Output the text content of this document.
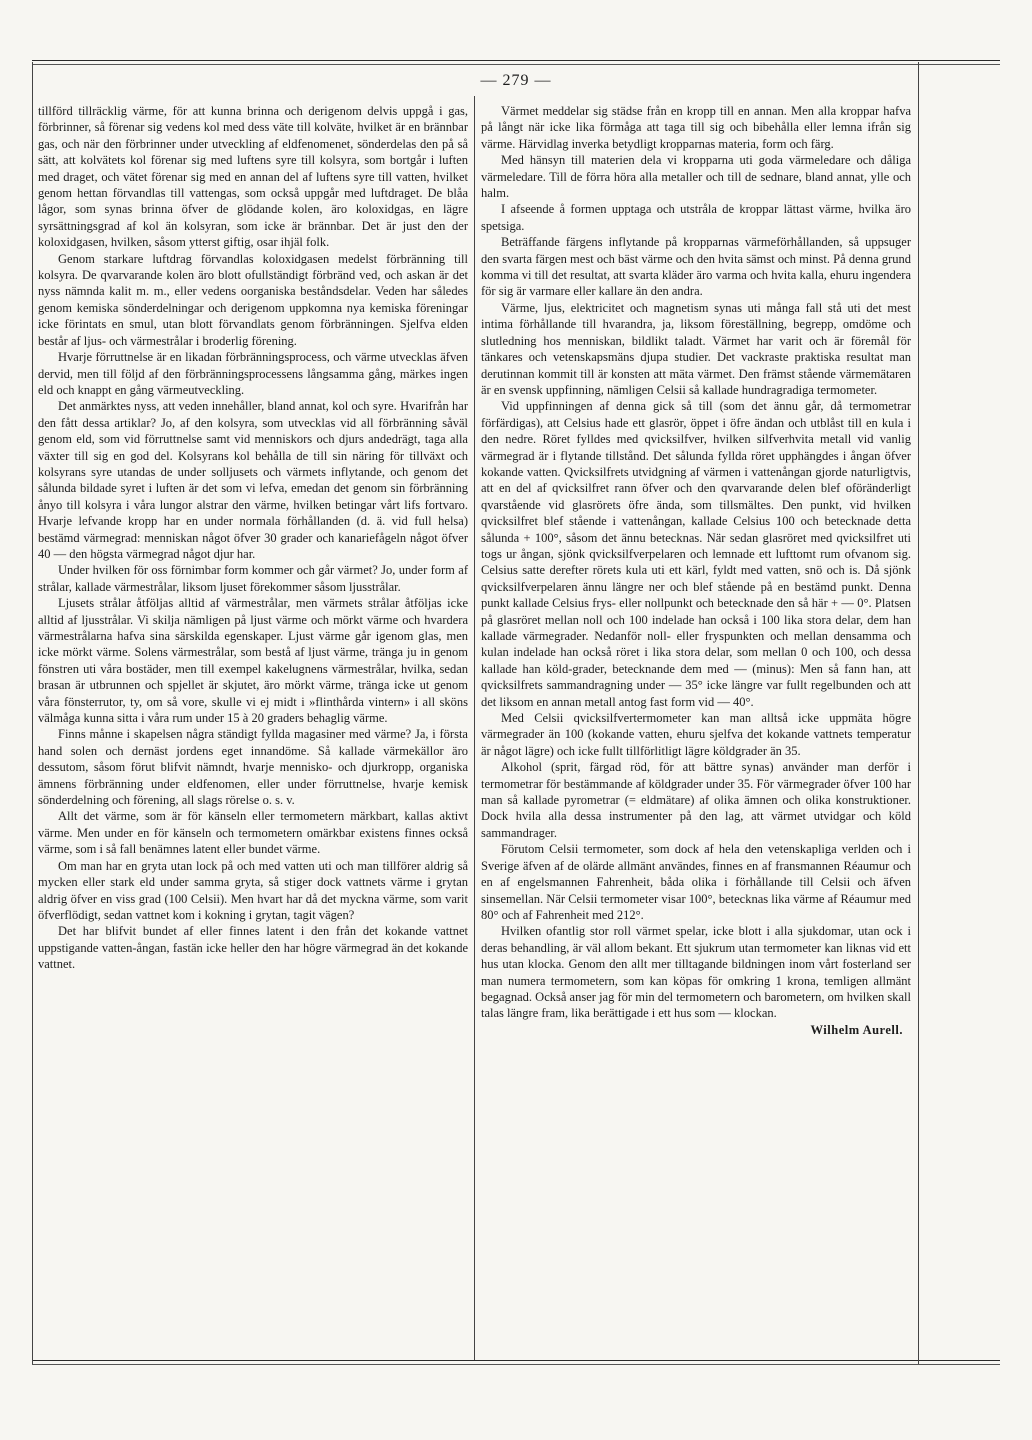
— 279 —

tillförd tillräcklig värme, för att kunna brinna och derigenom delvis uppgå i gas, förbrinner, så förenar sig vedens kol med dess väte till kolväte, hvilket är en brännbar gas, och när den förbrinner under utveckling af eldfenomenet, sönderdelas den på så sätt, att kolvätets kol förenar sig med luftens syre till kolsyra, som bortgår i luften med draget, och vätet förenar sig med en annan del af luftens syre till vatten, hvilket genom hettan förvandlas till vattengas, som också uppgår med luftdraget. De blåa lågor, som synas brinna öfver de glödande kolen, äro koloxidgas, en lägre syrsättningsgrad af kol än kolsyran, som icke är brännbar. Det är just den der koloxidgasen, hvilken, såsom ytterst giftig, osar ihjäl folk.

Genom starkare luftdrag förvandlas koloxidgasen medelst förbränning till kolsyra. De qvarvarande kolen äro blott ofullständigt förbränd ved, och askan är det nyss nämnda kalit m. m., eller vedens oorganiska beståndsdelar. Veden har således genom kemiska sönderdelningar och derigenom uppkomna nya kemiska föreningar icke förintats en smul, utan blott förvandlats genom förbränningen. Sjelfva elden består af ljus- och värmestrålar i broderlig förening.

Hvarje förruttnelse är en likadan förbränningsprocess, och värme utvecklas äfven dervid, men till följd af den förbränningsprocessens långsamma gång, märkes ingen eld och knappt en gång värmeutveckling.

Det anmärktes nyss, att veden innehåller, bland annat, kol och syre. Hvarifrån har den fått dessa artiklar? Jo, af den kolsyra, som utvecklas vid all förbränning såväl genom eld, som vid förruttnelse samt vid menniskors och djurs andedrägt, taga alla växter till sig en god del. Kolsyrans kol behålla de till sin näring för tillväxt och kolsyrans syre utandas de under solljusets och värmets inflytande, och genom det sålunda bildade syret i luften är det som vi lefva, emedan det genom sin förbränning ånyo till kolsyra i våra lungor alstrar den värme, hvilken betingar vårt lifs fortvaro. Hvarje lefvande kropp har en under normala förhållanden (d. ä. vid full helsa) bestämd värmegrad: menniskan något öfver 30 grader och kanariefågeln något öfver 40 — den högsta värmegrad något djur har.

Under hvilken för oss förnimbar form kommer och går värmet? Jo, under form af strålar, kallade värmestrålar, liksom ljuset förekommer såsom ljusstrålar.

Ljusets strålar åtföljas alltid af värmestrålar, men värmets strålar åtföljas icke alltid af ljusstrålar. Vi skilja nämligen på ljust värme och mörkt värme och hvardera värmestrålarna hafva sina särskilda egenskaper. Ljust värme går igenom glas, men icke mörkt värme. Solens värmestrålar, som bestå af ljust värme, tränga ju in genom fönstren uti våra bostäder, men till exempel kakelugnens värmestrålar, hvilka, sedan brasan är utbrunnen och spjellet är skjutet, äro mörkt värme, tränga icke ut genom våra fönsterrutor, ty, om så vore, skulle vi ej midt i »flinthårda vintern» i all sköns välmåga kunna sitta i våra rum under 15 à 20 graders behaglig värme.

Finns månne i skapelsen några ständigt fyllda magasiner med värme? Ja, i första hand solen och dernäst jordens eget innandöme. Så kallade värmekällor äro dessutom, såsom förut blifvit nämndt, hvarje mennisko- och djurkropp, organiska ämnens förbränning under eldfenomen, eller under förruttnelse, hvarje kemisk sönderdelning och förening, all slags rörelse o. s. v.

Allt det värme, som är för känseln eller termometern märkbart, kallas aktivt värme. Men under en för känseln och termometern omärkbar existens finnes också värme, som i så fall benämnes latent eller bundet värme.

Om man har en gryta utan lock på och med vatten uti och man tillförer aldrig så mycken eller stark eld under samma gryta, så stiger dock vattnets värme i grytan aldrig öfver en viss grad (100 Celsii). Men hvart har då det myckna värme, som varit öfverflödigt, sedan vattnet kom i kokning i grytan, tagit vägen?

Det har blifvit bundet af eller finnes latent i den från det kokande vattnet uppstigande vatten-ångan, fastän icke heller den har högre värmegrad än det kokande vattnet.

Värmet meddelar sig städse från en kropp till en annan. Men alla kroppar hafva på långt när icke lika förmåga att taga till sig och bibehålla eller lemna ifrån sig värme. Härvidlag inverka betydligt kropparnas materia, form och färg.

Med hänsyn till materien dela vi kropparna uti goda värmeledare och dåliga värmeledare. Till de förra höra alla metaller och till de sednare, bland annat, ylle och halm.

I afseende å formen upptaga och utstråla de kroppar lättast värme, hvilka äro spetsiga.

Beträffande färgens inflytande på kropparnas värmeförhållanden, så uppsuger den svarta färgen mest och bäst värme och den hvita sämst och minst. På denna grund komma vi till det resultat, att svarta kläder äro varma och hvita kalla, ehuru ingendera för sig är varmare eller kallare än den andra.

Värme, ljus, elektricitet och magnetism synas uti många fall stå uti det mest intima förhållande till hvarandra, ja, liksom föreställning, begrepp, omdöme och slutledning hos menniskan, bildlikt taladt. Värmet har varit och är föremål för tänkares och vetenskapsmäns djupa studier. Det vackraste praktiska resultat man derutinnan kommit till är konsten att mäta värmet. Den främst stående värmemätaren är en svensk uppfinning, nämligen Celsii så kallade hundragradiga termometer.

Vid uppfinningen af denna gick så till (som det ännu går, då termometrar förfärdigas), att Celsius hade ett glasrör, öppet i öfre ändan och utblåst till en kula i den nedre. Röret fylldes med qvicksilfver, hvilken silfverhvita metall vid vanlig värmegrad är i flytande tillstånd. Det sålunda fyllda röret upphängdes i ångan öfver kokande vatten. Qvicksilfrets utvidgning af värmen i vattenångan gjorde naturligtvis, att en del af qvicksilfret rann öfver och den qvarvarande delen blef oföränderligt qvarstående vid glasrörets öfre ända, som tillsmältes. Den punkt, vid hvilken qvicksilfret blef stående i vattenångan, kallade Celsius 100 och betecknade detta sålunda + 100°, såsom det ännu betecknas. När sedan glasröret med qvicksilfret uti togs ur ångan, sjönk qvicksilfverpelaren och lemnade ett lufttomt rum ofvanom sig. Celsius satte derefter rörets kula uti ett kärl, fyldt med vatten, snö och is. Då sjönk qvicksilfverpelaren ännu längre ner och blef stående på en bestämd punkt. Denna punkt kallade Celsius frys- eller nollpunkt och betecknade den så här + — 0°. Platsen på glasröret mellan noll och 100 indelade han också i 100 lika stora delar, dem han kallade värmegrader. Nedanför noll- eller fryspunkten och mellan densamma och kulan indelade han också röret i lika stora delar, som mellan 0 och 100, och dessa kallade han köld-grader, betecknande dem med — (minus): Men så fann han, att qvicksilfrets sammandragning under — 35° icke längre var fullt regelbunden och att det liksom en annan metall antog fast form vid — 40°.

Med Celsii qvicksilfvertermometer kan man alltså icke uppmäta högre värmegrader än 100 (kokande vatten, ehuru sjelfva det kokande vattnets temperatur är något lägre) och icke fullt tillförlitligt lägre köldgrader än 35.

Alkohol (sprit, färgad röd, för att bättre synas) använder man derför i termometrar för bestämmande af köldgrader under 35. För värmegrader öfver 100 har man så kallade pyrometrar (= eldmätare) af olika ämnen och olika konstruktioner. Dock hvila alla dessa instrumenter på den lag, att värmet utvidgar och köld sammandrager.

Förutom Celsii termometer, som dock af hela den vetenskapliga verlden och i Sverige äfven af de olärde allmänt användes, finnes en af fransmannen Réaumur och en af engelsmannen Fahrenheit, båda olika i förhållande till Celsii och äfven sinsemellan. När Celsii termometer visar 100°, betecknas lika värme af Réaumur med 80° och af Fahrenheit med 212°.

Hvilken ofantlig stor roll värmet spelar, icke blott i alla sjukdomar, utan ock i deras behandling, är väl allom bekant. Ett sjukrum utan termometer kan liknas vid ett hus utan klocka. Genom den allt mer tilltagande bildningen inom vårt fosterland ser man numera termometern, som kan köpas för omkring 1 krona, temligen allmänt begagnad. Också anser jag för min del termometern och barometern, om hvilken skall talas längre fram, lika berättigade i ett hus som — klockan.

Wilhelm Aurell.
